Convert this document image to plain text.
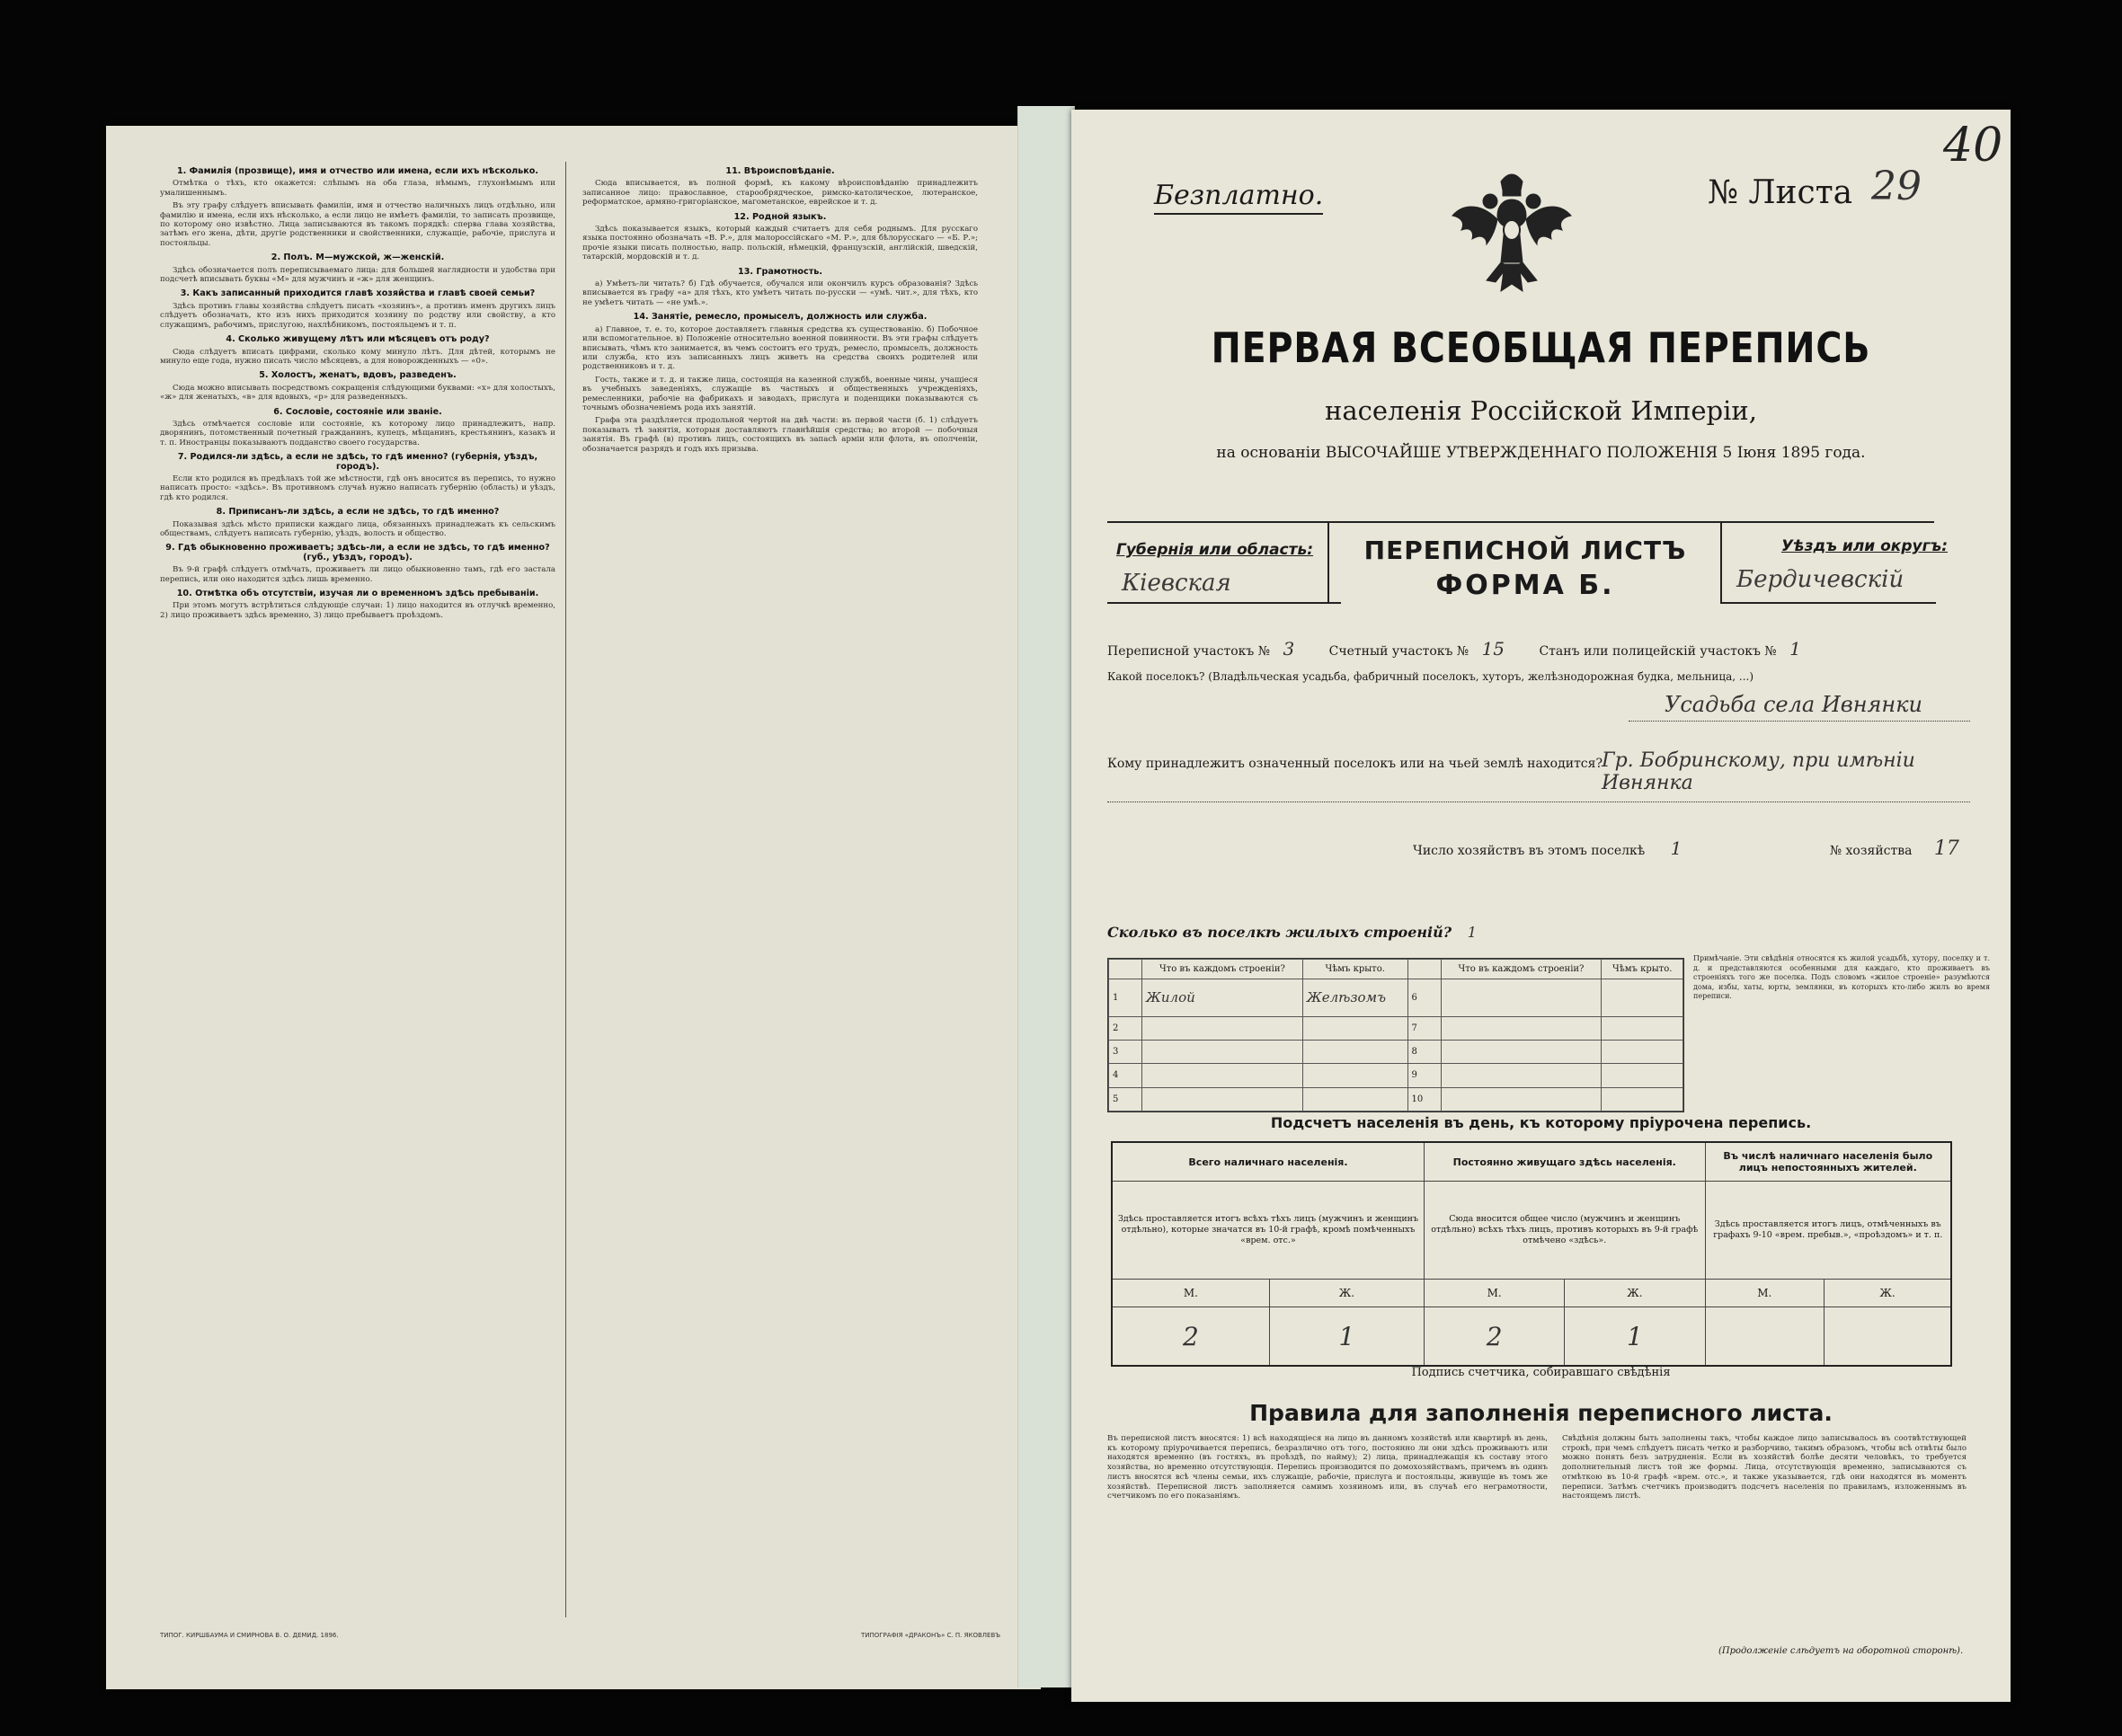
1. Фамилія (прозвище), имя и отчество или именa, если ихъ нѣсколько.

Отмѣтка о тѣхъ, кто окажется: слѣпымъ на оба глаза, нѣмымъ, глухонѣмымъ или умалишеннымъ.

Въ эту графу слѣдуетъ вписывать фамиліи, имя и отчество наличныхъ лицъ отдѣльно, или фамилію и имена, если ихъ нѣсколько, а если лицо не имѣетъ фамиліи, то записать прозвище, по которому оно извѣстно. Лица записываются въ такомъ порядкѣ: сперва глава хозяйства, затѣмъ его жена, дѣти, другіе родственники и свойственники, служащіе, рабочіе, прислуга и постояльцы.

2. Полъ. М—мужской, ж—женскій.

Здѣсь обозначается полъ переписываемаго лица: для большей наглядности и удобства при подсчетѣ вписывать буквы «М» для мужчинъ и «ж» для женщинъ.

3. Какъ записанный приходится главѣ хозяйства и главѣ своей семьи?

Здѣсь противъ главы хозяйства слѣдуетъ писать «хозяинъ», а противъ именъ другихъ лицъ слѣдуетъ обозначать, кто изъ нихъ приходится хозяину по родству или свойству, а кто служащимъ, рабочимъ, прислугою, нахлѣбникомъ, постояльцемъ и т. п.

4. Сколько живущему лѣтъ или мѣсяцевъ отъ роду?

Сюда слѣдуетъ вписать цифрами, сколько кому минуло лѣтъ. Для дѣтей, которымъ не минуло еще года, нужно писать число мѣсяцевъ, а для новорожденныхъ — «0».

5. Холостъ, женатъ, вдовъ, разведенъ.

Сюда можно вписывать посредствомъ сокращенія слѣдующими буквами: «х» для холостыхъ, «ж» для женатыхъ, «в» для вдовыхъ, «р» для разведенныхъ.

6. Сословіе, состояніе или званіе.

Здѣсь отмѣчается сословіе или состояніе, къ которому лицо принадлежитъ, напр. дворянинъ, потомственный почетный гражданинъ, купецъ, мѣщанинъ, крестьянинъ, казакъ и т. п. Иностранцы показываютъ подданство своего государства.

7. Родился-ли здѣсь, а если не здѣсь, то гдѣ именно? (губернія, уѣздъ, городъ).

Если кто родился въ предѣлахъ той же мѣстности, гдѣ онъ вносится въ перепись, то нужно написать просто: «здѣсь». Въ противномъ случаѣ нужно написать губернію (область) и уѣздъ, гдѣ кто родился.

8. Приписанъ-ли здѣсь, а если не здѣсь, то гдѣ именно?

Показывая здѣсь мѣсто приписки каждаго лица, обязанныхъ принадлежать къ сельскимъ обществамъ, слѣдуетъ написать губернію, уѣздъ, волость и общество.

9. Гдѣ обыкновенно проживаетъ; здѣсь-ли, а если не здѣсь, то гдѣ именно? (губ., уѣздъ, городъ).

Въ 9-й графѣ слѣдуетъ отмѣчать, проживаетъ ли лицо обыкновенно тамъ, гдѣ его застала перепись, или оно находится здѣсь лишь временно.

10. Отмѣтка объ отсутствіи, изучая ли о временномъ здѣсь пребываніи.

При этомъ могутъ встрѣтиться слѣдующіе случаи: 1) лицо находится въ отлучкѣ временно, 2) лицо проживаетъ здѣсь временно, 3) лицо пребываетъ проѣздомъ.

11. Вѣроисповѣданіе.

Сюда вписывается, въ полной формѣ, къ какому вѣроисповѣданію принадлежитъ записанное лицо: православное, старообрядческое, римско-католическое, лютеранское, реформатское, армяно-григоріанское, магометанское, еврейское и т. д.

12. Родной языкъ.

Здѣсь показывается языкъ, который каждый считаетъ для себя роднымъ. Для русскаго языка постоянно обозначать «В. Р.», для малороссійскаго «М. Р.», для бѣлорусскаго — «Б. Р.»; прочіе языки писать полностью, напр. польскій, нѣмецкій, французскій, англійскій, шведскій, татарскій, мордовскій и т. д.

13. Грамотность.

а) Умѣетъ-ли читать? б) Гдѣ обучается, обучался или окончилъ курсъ образованія? Здѣсь вписывается въ графу «а» для тѣхъ, кто умѣетъ читать по-русски — «умѣ. чит.», для тѣхъ, кто не умѣетъ читать — «не умѣ.».

14. Занятіе, ремесло, промыселъ, должность или служба.

а) Главное, т. е. то, которое доставляетъ главныя средства къ существованію. б) Побочное или вспомогательное. в) Положеніе относительно военной повинности. Въ эти графы слѣдуетъ вписывать, чѣмъ кто занимается, въ чемъ состоитъ его трудъ, ремесло, промыселъ, должность или служба, кто изъ записанныхъ лицъ живетъ на средства своихъ родителей или родственниковъ и т. д.

Гость, также и т. д. и также лица, состоящія на казенной службѣ, военные чины, учащіеся въ учебныхъ заведеніяхъ, служащіе въ частныхъ и общественныхъ учрежденіяхъ, ремесленники, рабочіе на фабрикахъ и заводахъ, прислуга и поденщики показываются съ точнымъ обозначеніемъ рода ихъ занятій.

Графа эта раздѣляется продольной чертой на двѣ части: въ первой части (б. 1) слѣдуетъ показывать тѣ занятія, которыя доставляютъ главнѣйшія средства; во второй — побочныя занятія. Въ графѣ (в) противъ лицъ, состоящихъ въ запасѣ арміи или флота, въ ополченіи, обозначается разрядъ и годъ ихъ призыва.

ТИПОГ. КИРШБАУМА И СМИРНОВА В. О. ДЕМИД. 1896.	ТИПОГРАФІЯ «ДРАКОНЪ» С. П. ЯКОВЛЕВЪ
40
Безплатно.	№ Листа 29
ПЕРВАЯ ВСЕОБЩАЯ ПЕРЕПИСЬ
населенія Россійской Имперіи,
на основаніи ВЫСОЧАЙШЕ УТВЕРЖДЕННАГО ПОЛОЖЕНІЯ 5 Іюня 1895 года.
Губернія или область:
Кіевская
ПЕРЕПИСНОЙ ЛИСТЪ
ФОРМА Б.
Уѣздъ или округъ:
Бердичевскій
Переписной участокъ № 3	Счетный участокъ № 15	Станъ или полицейскій участокъ № 1
Какой поселокъ? (Владѣльческая усадьба, фабричный поселокъ, хуторъ, желѣзнодорожная будка, мельница, ...)
Усадьба села Ивнянки
Кому принадлежитъ означенный поселокъ или на чьей землѣ находится? Гр. Бобринскому, при имѣніи Ивнянка
Число хозяйствъ въ этомъ поселкѣ 1	№ хозяйства 17
Сколько въ поселкѣ жилыхъ строеній? 1
	Что въ каждомъ строеніи?	Чѣмъ крыто.		Что въ каждомъ строеніи?	Чѣмъ крыто.
1	Жилой	Желѣзомъ	6		
2			7		
3			8		
4			9		
5			10		
Примѣчаніе. Эти свѣдѣнія относятся къ жилой усадьбѣ, хутору, поселку и т. д. и представляются особенными для каждаго, кто проживаетъ въ строеніяхъ того же поселка. Подъ словомъ «жилое строеніе» разумѣются дома, избы, хаты, юрты, землянки, въ которыхъ кто-либо жилъ во время переписи.
Подсчетъ населенія въ день, къ которому пріурочена перепись.
Всего наличнаго населенія.		Постоянно живущаго здѣсь населенія.		Въ числѣ наличнаго населенія было лицъ непостоянныхъ жителей.	
Здѣсь проставляется итогъ всѣхъ тѣхъ лицъ (мужчинъ и женщинъ отдѣльно), которые значатся въ 10-й графѣ, кромѣ помѣченныхъ «врем. отс.»		Сюда вносится общее число (мужчинъ и женщинъ отдѣльно) всѣхъ тѣхъ лицъ, противъ которыхъ въ 9-й графѣ отмѣчено «здѣсь».		Здѣсь проставляется итогъ лицъ, отмѣченныхъ въ графахъ 9-10 «врем. пребыв.», «проѣздомъ» и т. п.	
М.	Ж.	М.	Ж.	М.	Ж.
2	1	2	1		
Подпись счетчика, собиравшаго свѣдѣнія
Правила для заполненія переписного листа.
Въ переписной листъ вносятся: 1) всѣ находящіеся на лицо въ данномъ хозяйствѣ или квартирѣ въ день, къ которому пріурочивается перепись, безразлично отъ того, постоянно ли они здѣсь проживаютъ или находятся временно (въ гостяхъ, въ проѣздѣ, по найму); 2) лица, принадлежащія къ составу этого хозяйства, но временно отсутствующія. Перепись производится по домохозяйствамъ, причемъ въ одинъ листъ вносятся всѣ члены семьи, ихъ служащіе, рабочіе, прислуга и постояльцы, живущіе въ томъ же хозяйствѣ. Переписной листъ заполняется самимъ хозяиномъ или, въ случаѣ его неграмотности, счетчикомъ по его показаніямъ.
Свѣдѣнія должны быть заполнены такъ, чтобы каждое лицо записывалось въ соотвѣтствующей строкѣ, при чемъ слѣдуетъ писать четко и разборчиво, такимъ образомъ, чтобы всѣ отвѣты было можно понять безъ затрудненія. Если въ хозяйствѣ болѣе десяти человѣкъ, то требуется дополнительный листъ той же формы. Лица, отсутствующія временно, записываются съ отмѣткою въ 10-й графѣ «врем. отс.», и также указывается, гдѣ они находятся въ моментъ переписи. Затѣмъ счетчикъ производитъ подсчетъ населенія по правиламъ, изложеннымъ въ настоящемъ листѣ.
(Продолженіе слѣдуетъ на оборотной сторонѣ).
